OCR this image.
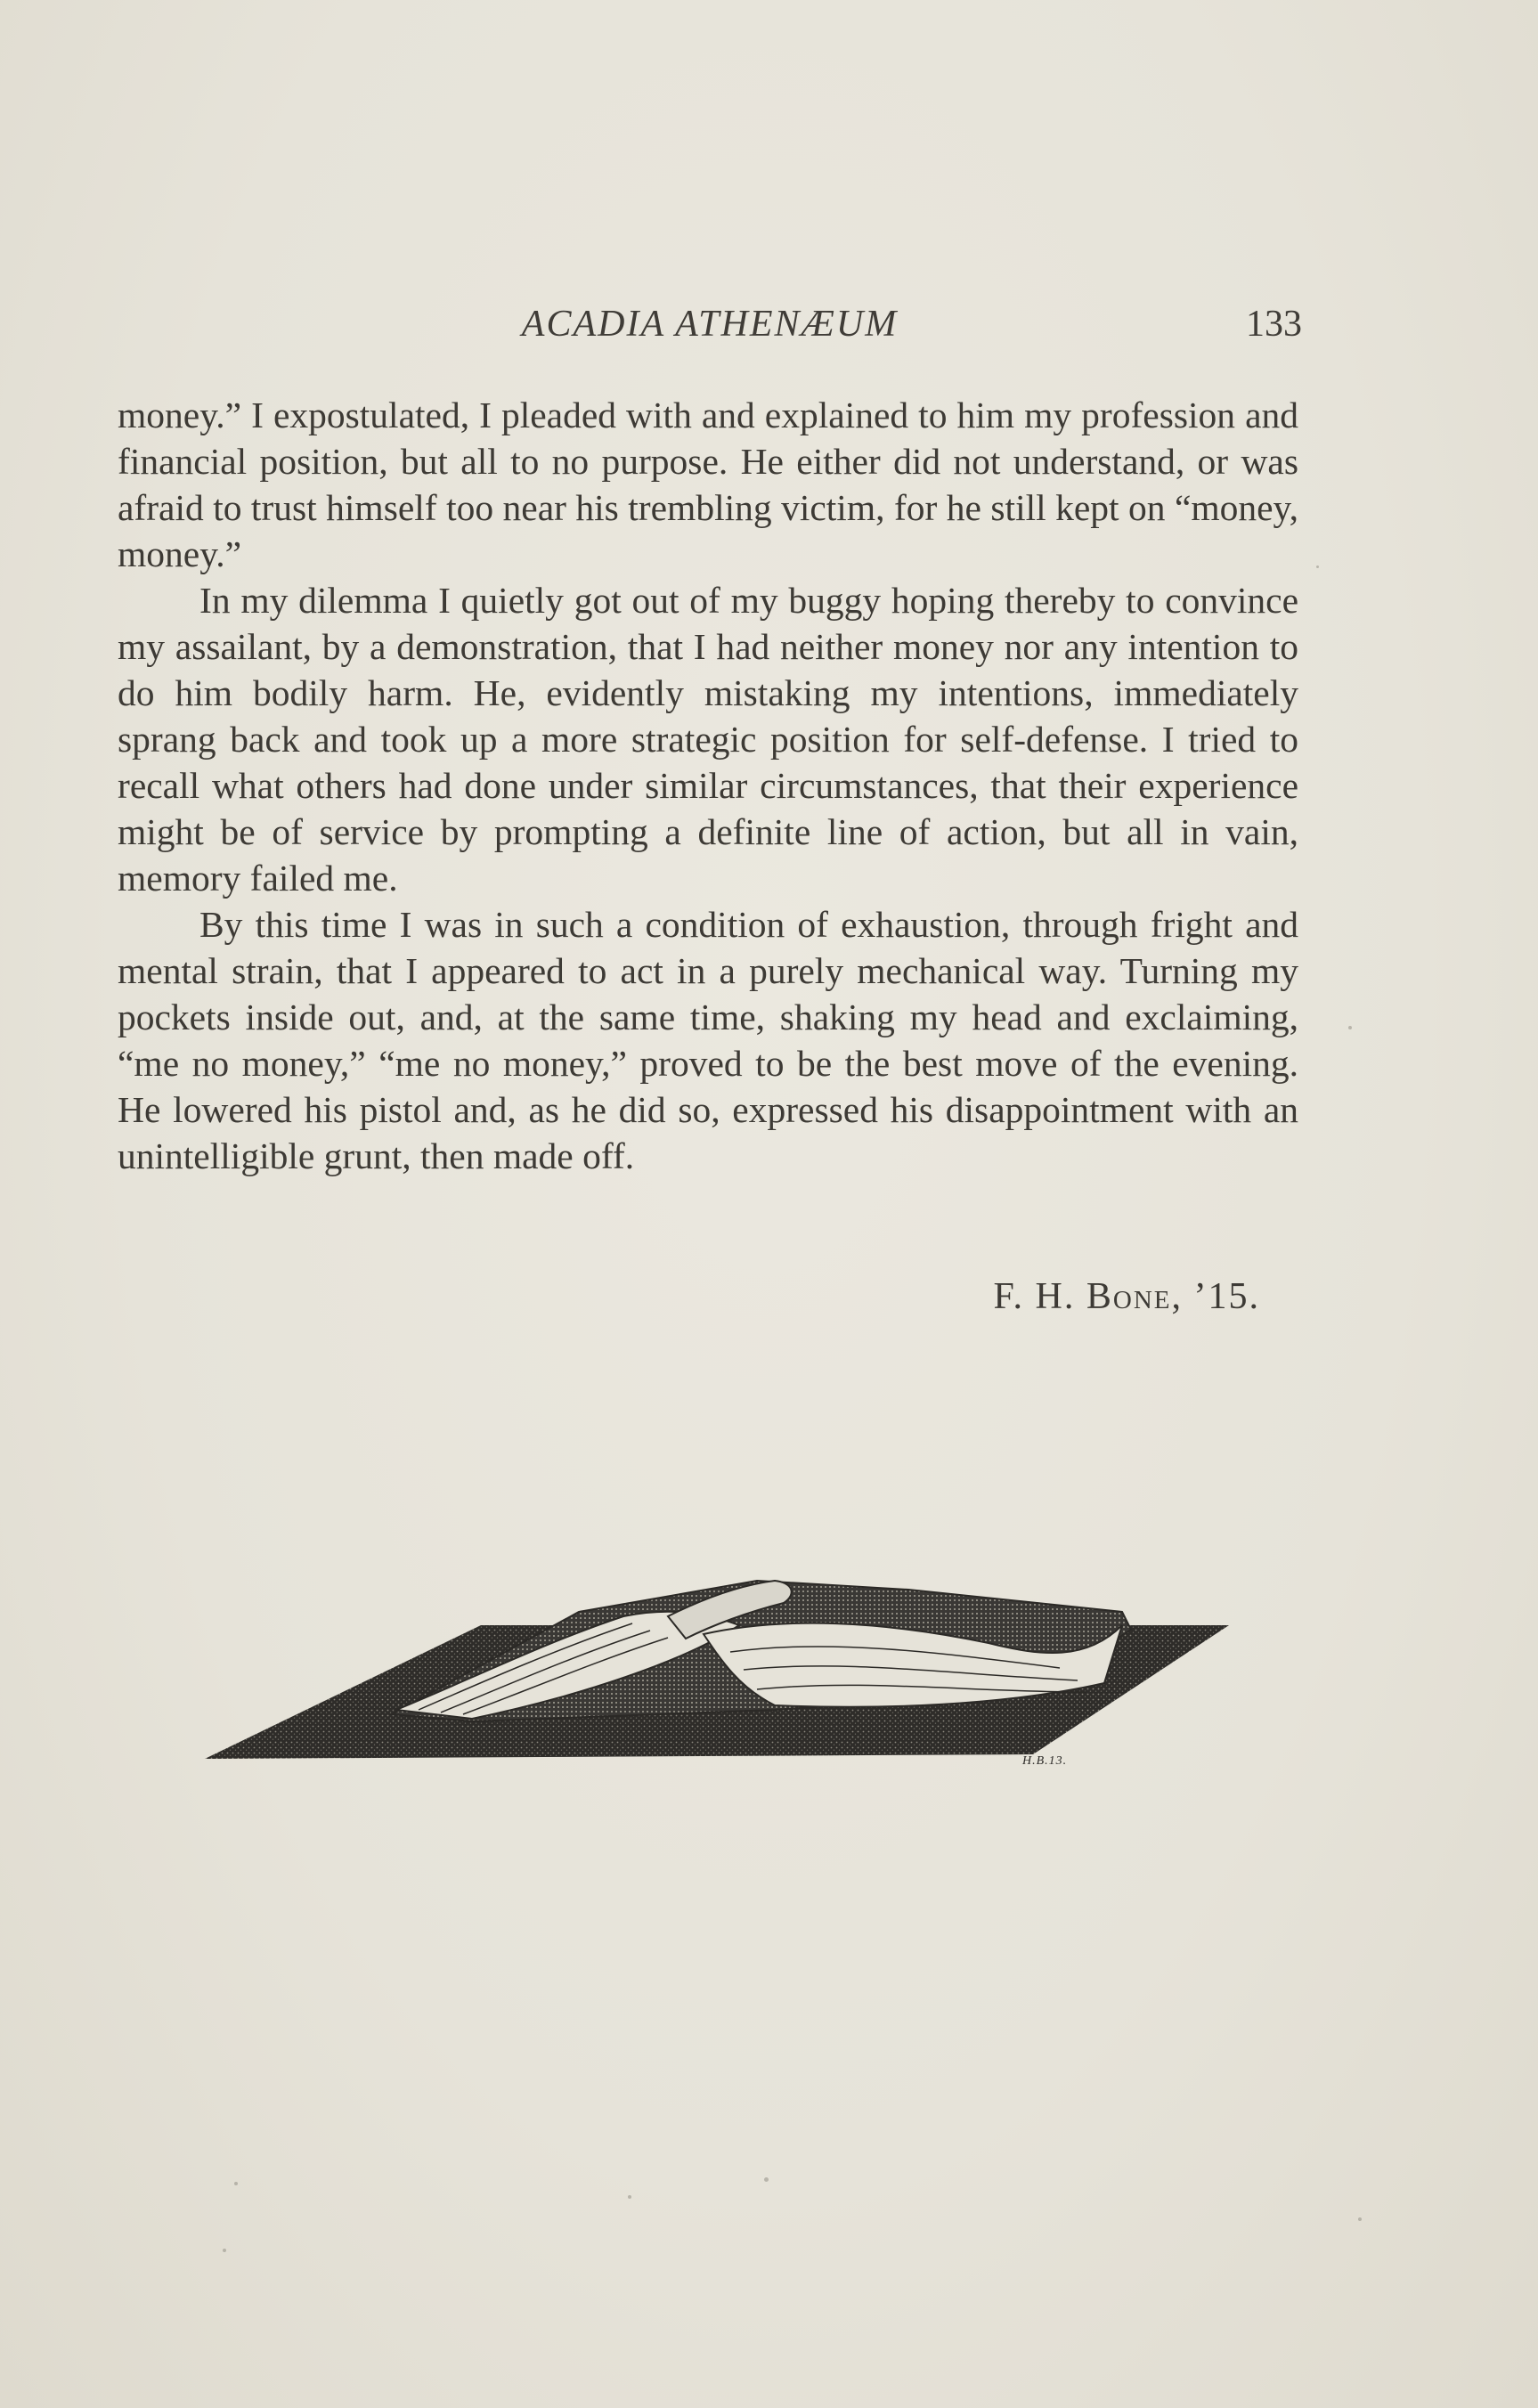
ACADIA ATHENÆUM	133

money.” I expostulated, I pleaded with and explained to him my profession and financial position, but all to no purpose. He either did not understand, or was afraid to trust himself too near his trembling victim, for he still kept on “money, money.”

In my dilemma I quietly got out of my buggy hoping thereby to convince my assailant, by a demonstration, that I had neither money nor any intention to do him bodily harm. He, evidently mistaking my intentions, immediately sprang back and took up a more strategic position for self-defense. I tried to recall what others had done under similar circumstances, that their experience might be of service by prompting a definite line of action, but all in vain, memory failed me.

By this time I was in such a condition of exhaustion, through fright and mental strain, that I appeared to act in a purely mechanical way. Turning my pockets inside out, and, at the same time, shaking my head and exclaiming, “me no money,” “me no money,” proved to be the best move of the evening. He lowered his pistol and, as he did so, expressed his disappointment with an unintelligible grunt, then made off.

F. H. Bone, ’15.
H.B.13.
